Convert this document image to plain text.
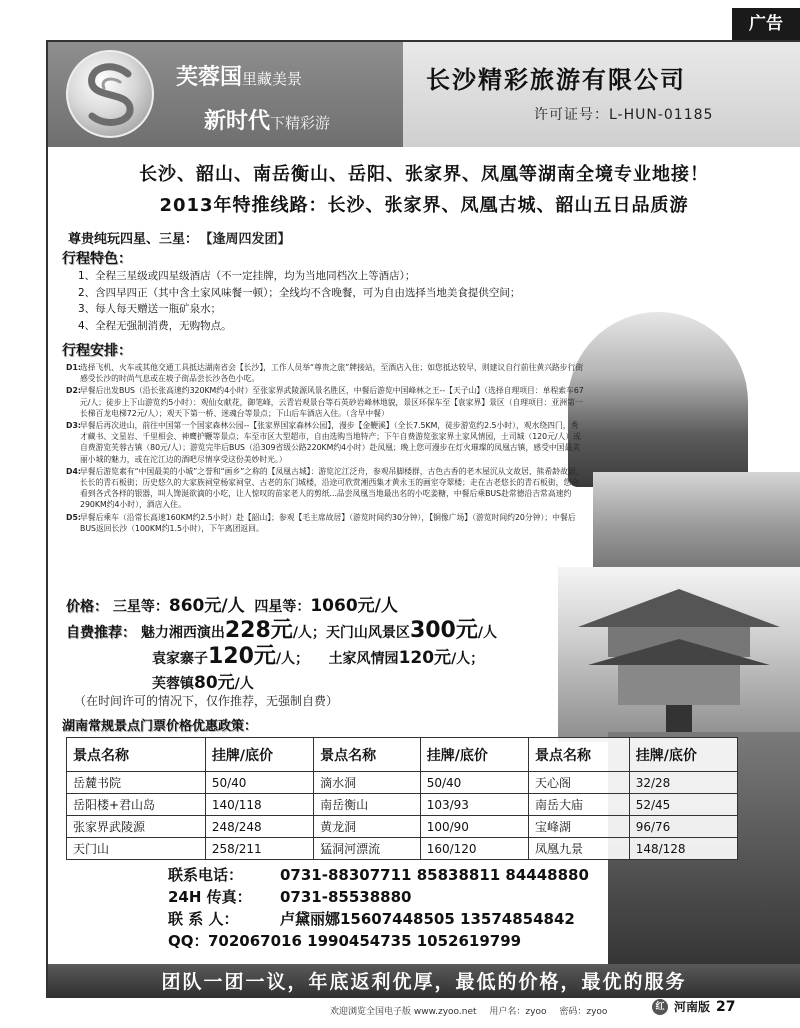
广告
芙蓉国里藏美景
新时代下精彩游
长沙精彩旅游有限公司
许可证号：L-HUN-01185
长沙、韶山、南岳衡山、岳阳、张家界、凤凰等湖南全境专业地接！
2013年特推线路：长沙、张家界、凤凰古城、韶山五日品质游
尊贵纯玩四星、三星： 【逢周四发团】
行程特色：
1、全程三星级或四星级酒店（不一定挂牌，均为当地同档次上等酒店）；
2、含四早四正（其中含土家风味餐一顿）；全线均不含晚餐，可为自由选择当地美食提供空间；
3、每人每天赠送一瓶矿泉水；
4、全程无强制消费，无购物点。
行程安排：
D1:
选择飞机、火车或其他交通工具抵达湖南省会【长沙】，工作人员举“尊贵之旅”牌接站，至酒店入住；如您抵达较早，则建议自行前往黄兴路步行街感受长沙的时尚气息或在坡子街品尝长沙各色小吃。
D2:
早餐后出发BUS（沿长张高速约320KM约4小时）至张家界武陵源风景名胜区，中餐后游览中国峰林之王--【天子山】（选择自理项目：单程索车67元/人；徒步上下山游览约5小时）：观仙女献花，御笔峰，云青岩观景台等石英砂岩峰林地貌，景区环保车至【袁家界】景区（自理项目：亚洲第一长梯百龙电梯72元/人）；观天下第一桥、迷魂台等景点；下山后车酒店入住。（含早中餐）
D3:
早餐后再次进山，前往中国第一个国家森林公园--【张家界国家森林公园】，漫步【金鞭溪】（全长7.5KM，徒步游览约2.5小时），观水绕四门，秀才藏书、文星岩、千里相会、神鹰护鞭等景点；车至市区大型超市，自由选购当地特产；下午自费游览张家界土家风情园，土司城（120元/人）或自费游览芙蓉古镇（80元/人）；游览完毕后BUS（沿309省级公路220KM约4小时）赴凤凰；晚上您可漫步在灯火璀璨的凤凰古镇，感受中国最美丽小城的魅力，或在沱江边的酒吧尽情享受这份美妙时光。）
D4:
早餐后游览素有“中国最美的小城”之誉和“画乡”之称的【凤凰古城】：游览沱江泛舟，参观吊脚楼群，古色古香的老木屋沉从文故居、熊希龄故居、长长的青石板街；历史悠久的大家族祠堂杨家祠堂、古老的东门城楼，沿途可欣赏湘西集才黄永玉的画室夺翠楼；走在古老悠长的青石板街，您会看到各式各样的银器，叫人馋涎欲滴的小吃，让人惊叹的苗家老人的剪纸...品尝凤凰当地最出名的小吃姜糖，中餐后乘BUS赴常德沿吉常高速约290KM约4小时），酒店入住。
D5:
早餐后乘车（沿常长高速160KM约2.5小时）赴【韶山】；参观【毛主席故居】（游览时间约30分钟），【铜像广场】（游览时间约20分钟）；中餐后BUS返回长沙（100KM约1.5小时），下午离团返回。
价格： 三星等：860元/人 四星等：1060元/人
自费推荐： 魅力湘西演出228元/人；天门山风景区300元/人
袁家寨子120元/人； 土家风情园120元/人；
芙蓉镇80元/人
（在时间许可的情况下，仅作推荐，无强制自费）
湖南常规景点门票价格优惠政策：
景点名称	挂牌/底价	景点名称	挂牌/底价	景点名称	挂牌/底价
岳麓书院	50/40	滴水洞	50/40	天心阁	32/28
岳阳楼+君山岛	140/118	南岳衡山	103/93	南岳大庙	52/45
张家界武陵源	248/248	黄龙洞	100/90	宝峰湖	96/76
天门山	258/211	猛洞河漂流	160/120	凤凰九景	148/128
联系电话：	0731-88307711 85838811 84448880
24H 传真：	0731-85538880
联 系 人：	卢黛丽娜15607448505 13574854842
QQ： 702067016 1990454735 1052619799
团队一团一议，年底返利优厚，最低的价格，最优的服务
欢迎浏览全国电子版 www.zyoo.net 用户名：zyoo 密码：zyoo
红 河南版 27
